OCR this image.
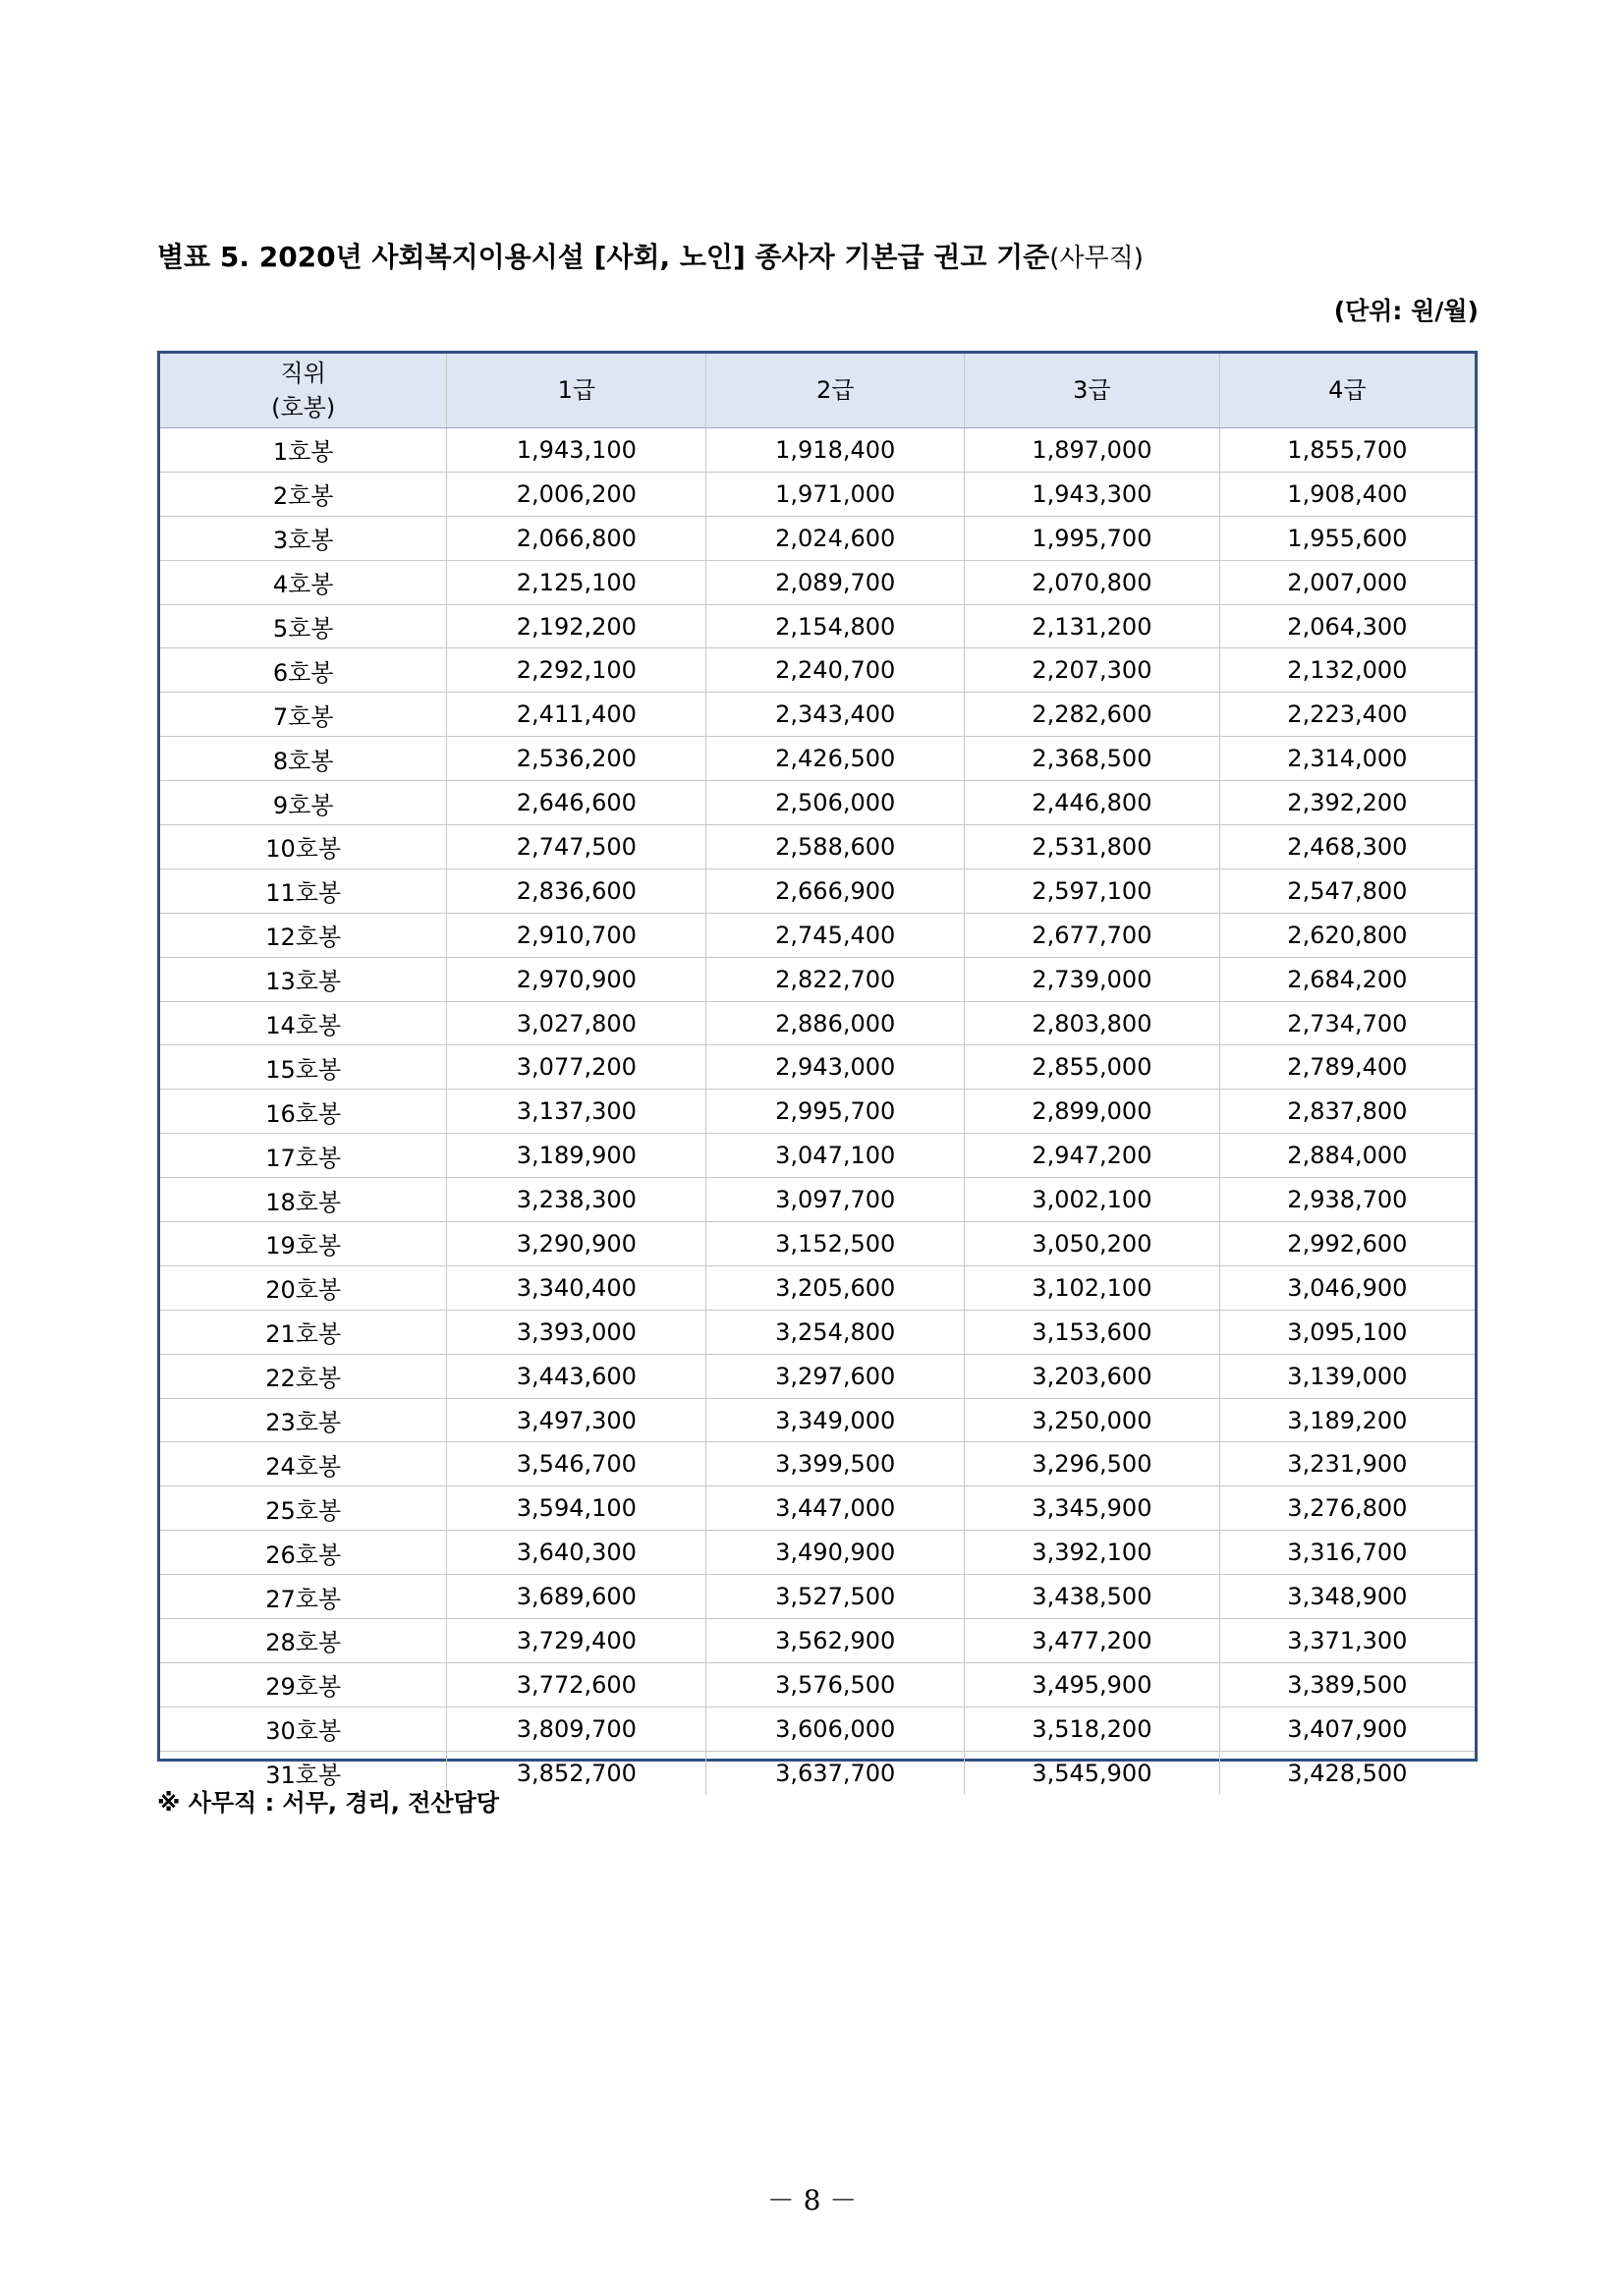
별표 5. 2020년 사회복지이용시설 [사회, 노인] 종사자 기본급 권고 기준(사무직)
(단위: 원/월)
직위
(호봉)	1급	2급	3급	4급
1호봉	1,943,100	1,918,400	1,897,000	1,855,700
2호봉	2,006,200	1,971,000	1,943,300	1,908,400
3호봉	2,066,800	2,024,600	1,995,700	1,955,600
4호봉	2,125,100	2,089,700	2,070,800	2,007,000
5호봉	2,192,200	2,154,800	2,131,200	2,064,300
6호봉	2,292,100	2,240,700	2,207,300	2,132,000
7호봉	2,411,400	2,343,400	2,282,600	2,223,400
8호봉	2,536,200	2,426,500	2,368,500	2,314,000
9호봉	2,646,600	2,506,000	2,446,800	2,392,200
10호봉	2,747,500	2,588,600	2,531,800	2,468,300
11호봉	2,836,600	2,666,900	2,597,100	2,547,800
12호봉	2,910,700	2,745,400	2,677,700	2,620,800
13호봉	2,970,900	2,822,700	2,739,000	2,684,200
14호봉	3,027,800	2,886,000	2,803,800	2,734,700
15호봉	3,077,200	2,943,000	2,855,000	2,789,400
16호봉	3,137,300	2,995,700	2,899,000	2,837,800
17호봉	3,189,900	3,047,100	2,947,200	2,884,000
18호봉	3,238,300	3,097,700	3,002,100	2,938,700
19호봉	3,290,900	3,152,500	3,050,200	2,992,600
20호봉	3,340,400	3,205,600	3,102,100	3,046,900
21호봉	3,393,000	3,254,800	3,153,600	3,095,100
22호봉	3,443,600	3,297,600	3,203,600	3,139,000
23호봉	3,497,300	3,349,000	3,250,000	3,189,200
24호봉	3,546,700	3,399,500	3,296,500	3,231,900
25호봉	3,594,100	3,447,000	3,345,900	3,276,800
26호봉	3,640,300	3,490,900	3,392,100	3,316,700
27호봉	3,689,600	3,527,500	3,438,500	3,348,900
28호봉	3,729,400	3,562,900	3,477,200	3,371,300
29호봉	3,772,600	3,576,500	3,495,900	3,389,500
30호봉	3,809,700	3,606,000	3,518,200	3,407,900
31호봉	3,852,700	3,637,700	3,545,900	3,428,500
※ 사무직 : 서무, 경리, 전산담당
－ 8 －
